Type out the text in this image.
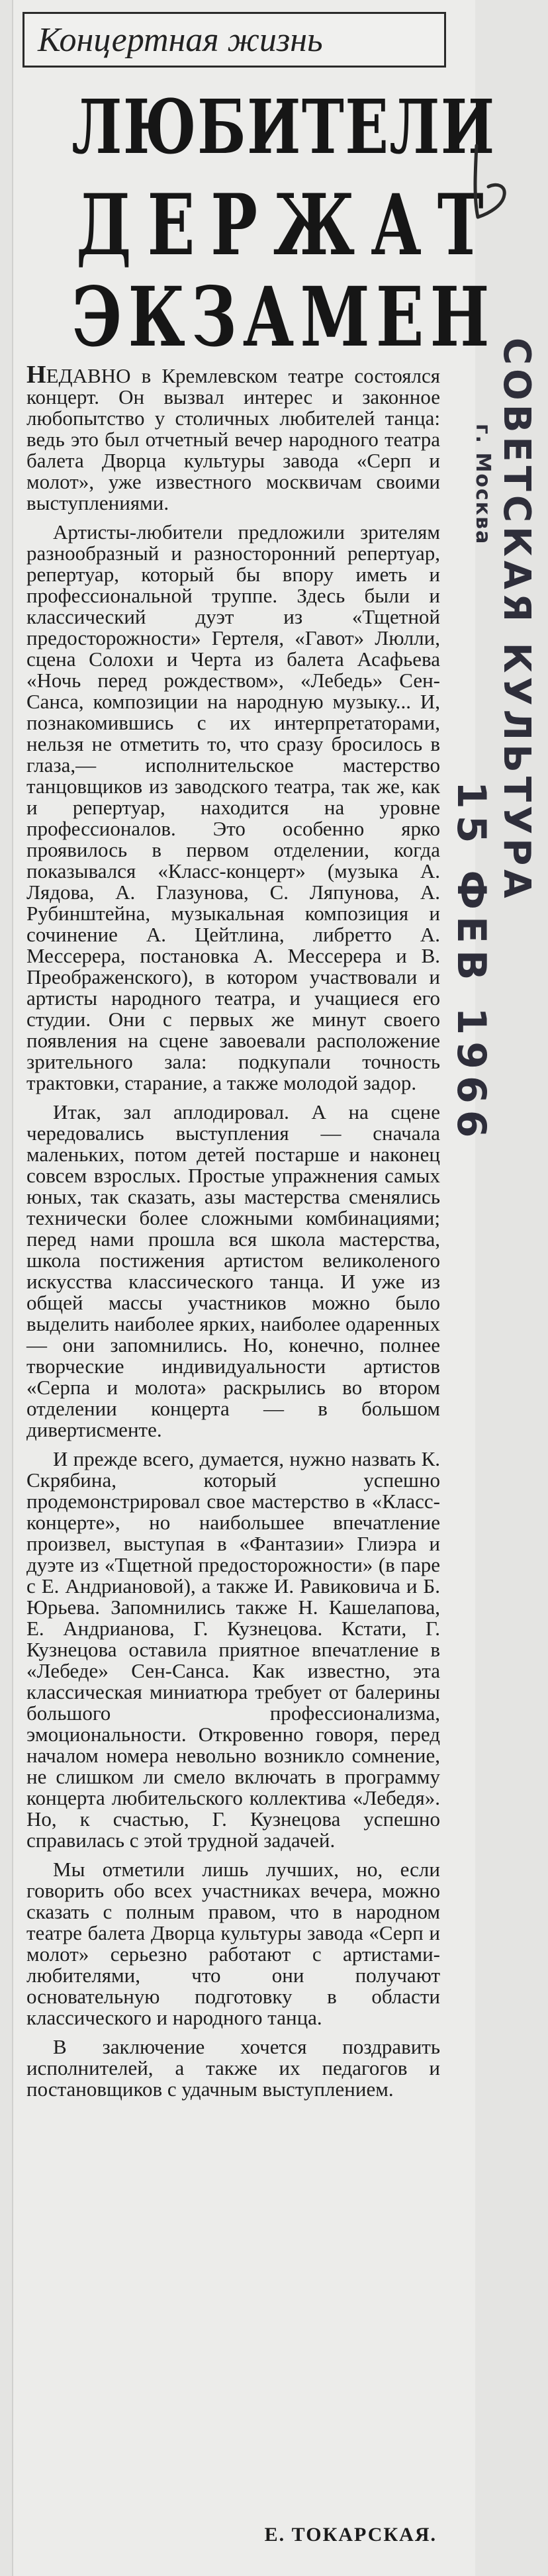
Концертная жизнь
ЛЮБИТЕЛИ
ДЕРЖАТ
ЭКЗАМЕН

НЕДАВНО в Кремлевском театре состоялся концерт. Он вызвал интерес и законное любопытство у столичных любителей танца: ведь это был отчетный вечер народного театра балета Дворца культуры завода «Серп и молот», уже известного москвичам своими выступлениями.

Артисты-любители предложили зрителям разнообразный и разносторонний репертуар, репертуар, который бы впору иметь и профессиональной труппе. Здесь были и классический дуэт из «Тщетной предосторожности» Гертеля, «Гавот» Люлли, сцена Солохи и Черта из балета Асафьева «Ночь перед рождеством», «Лебедь» Сен-Санса, композиции на народную музыку... И, познакомившись с их интерпретаторами, нельзя не отметить то, что сразу бросилось в глаза,— исполнительское мастерство танцовщиков из заводского театра, так же, как и репертуар, находится на уровне профессионалов. Это особенно ярко проявилось в первом отделении, когда показывался «Класс-концерт» (музыка А. Лядова, А. Глазунова, С. Ляпунова, А. Рубинштейна, музыкальная композиция и сочинение А. Цейтлина, либретто А. Мессерера, постановка А. Мессерера и В. Преображенского), в котором участвовали и артисты народного театра, и учащиеся его студии. Они с первых же минут своего появления на сцене завоевали расположение зрительного зала: подкупали точность трактовки, старание, а также молодой задор.

Итак, зал аплодировал. А на сцене чередовались выступления — сначала маленьких, потом детей постарше и наконец совсем взрослых. Простые упражнения самых юных, так сказать, азы мастерства сменялись технически более сложными комбинациями; перед нами прошла вся школа мастерства, школа постижения артистом великоленого искусства классического танца. И уже из общей массы участников можно было выделить наиболее ярких, наиболее одаренных — они запомнились. Но, конечно, полнее творческие индивидуальности артистов «Серпа и молота» раскрылись во втором отделении концерта — в большом дивертисменте.

И прежде всего, думается, нужно назвать К. Скрябина, который успешно продемонстрировал свое мастерство в «Класс-концерте», но наибольшее впечатление произвел, выступая в «Фантазии» Глиэра и дуэте из «Тщетной предосторожности» (в паре с Е. Андриановой), а также И. Равиковича и Б. Юрьева. Запомнились также Н. Кашелапова, Е. Андрианова, Г. Кузнецова. Кстати, Г. Кузнецова оставила приятное впечатление в «Лебеде» Сен-Санса. Как известно, эта классическая миниатюра требует от балерины большого профессионализма, эмоциональности. Откровенно говоря, перед началом номера невольно возникло сомнение, не слишком ли смело включать в программу концерта любительского коллектива «Лебедя». Но, к счастью, Г. Кузнецова успешно справилась с этой трудной задачей.

Мы отметили лишь лучших, но, если говорить обо всех участниках вечера, можно сказать с полным правом, что в народном театре балета Дворца культуры завода «Серп и молот» серьезно работают с артистами-любителями, что они получают основательную подготовку в области классического и народного танца.

В заключение хочется поздравить исполнителей, а также их педагогов и постановщиков с удачным выступлением.

Е. ТОКАРСКАЯ.
СОВЕТСКАЯ КУЛЬТУРА
г. Москва
15 ФЕВ 1966
